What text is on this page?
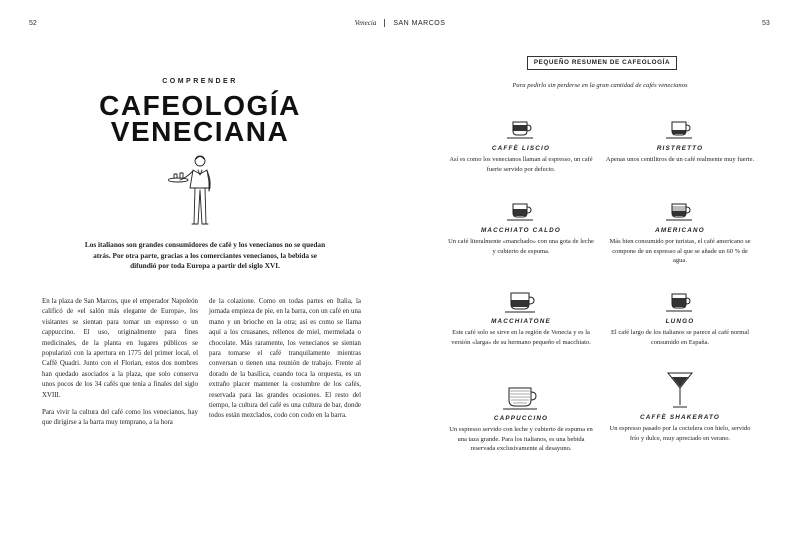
52	Venecia SAN MARCOS	53
COMPRENDER
CAFEOLOGÍA
VENECIANA
Los italianos son grandes consumidores de café y los venecianos no se quedan atrás. Por otra parte, gracias a los comerciantes venecianos, la bebida se difundió por toda Europa a partir del siglo XVI.

En la plaza de San Marcos, que el emperador Napoleón calificó de «el salón más elegante de Europa», los visitantes se sientan para tomar un espresso o un cappuccino. El uso, originalmente para fines medicinales, de la planta en lugares públicos se popularizó con la apertura en 1775 del primer local, el Caffè Quadri. Junto con el Florian, estos dos nombres han quedado asociados a la plaza, que solo conserva unos pocos de los 34 cafés que tenía a finales del siglo XVIII.

Para vivir la cultura del café como los venecianos, hay que dirigirse a la barra muy temprano, a la hora

de la colazione. Como en todas partes en Italia, la jornada empieza de pie, en la barra, con un café en una mano y un brioche en la otra; así es como se llama aquí a los cruasanes, rellenos de miel, mermelada o chocolate. Más raramente, los venecianos se sientan para tomarse el café tranquilamente mientras conversan o tienen una reunión de trabajo. Frente al dorado de la basílica, cuando toca la orquesta, es un extraño placer mantener la costumbre de los cafés, reservada para las grandes ocasiones. El resto del tiempo, la cultura del café es una cultura de bar, donde todos están mezclados, codo con codo en la barra.

PEQUEÑO RESUMEN DE CAFEOLOGÍA
Para pedirlo sin perderse en la gran cantidad de cafés venecianos
CAFFÈ LISCIO
Así es como los venecianos llaman al espresso, un café fuerte servido por defecto.
RISTRETTO
Apenas unos centilitros de un café realmente muy fuerte.
MACCHIATO CALDO
Un café literalmente «manchado» con una gota de leche y cubierto de espuma.
AMERICANO
Más bien consumido por turistas, el café americano se compone de un espresso al que se añade un 60 % de agua.
MACCHIATONE
Este café solo se sirve en la región de Venecia y es la versión «larga» de su hermano pequeño el macchiato.
LUNGO
El café largo de los italianos se parece al café normal consumido en España.
CAPPUCCINO
Un espresso servido con leche y cubierto de espuma en una taza grande. Para los italianos, es una bebida reservada exclusivamente al desayuno.
CAFFÈ SHAKERATO
Un espresso pasado por la coctelera con hielo, servido frío y dulce, muy apreciado en verano.
